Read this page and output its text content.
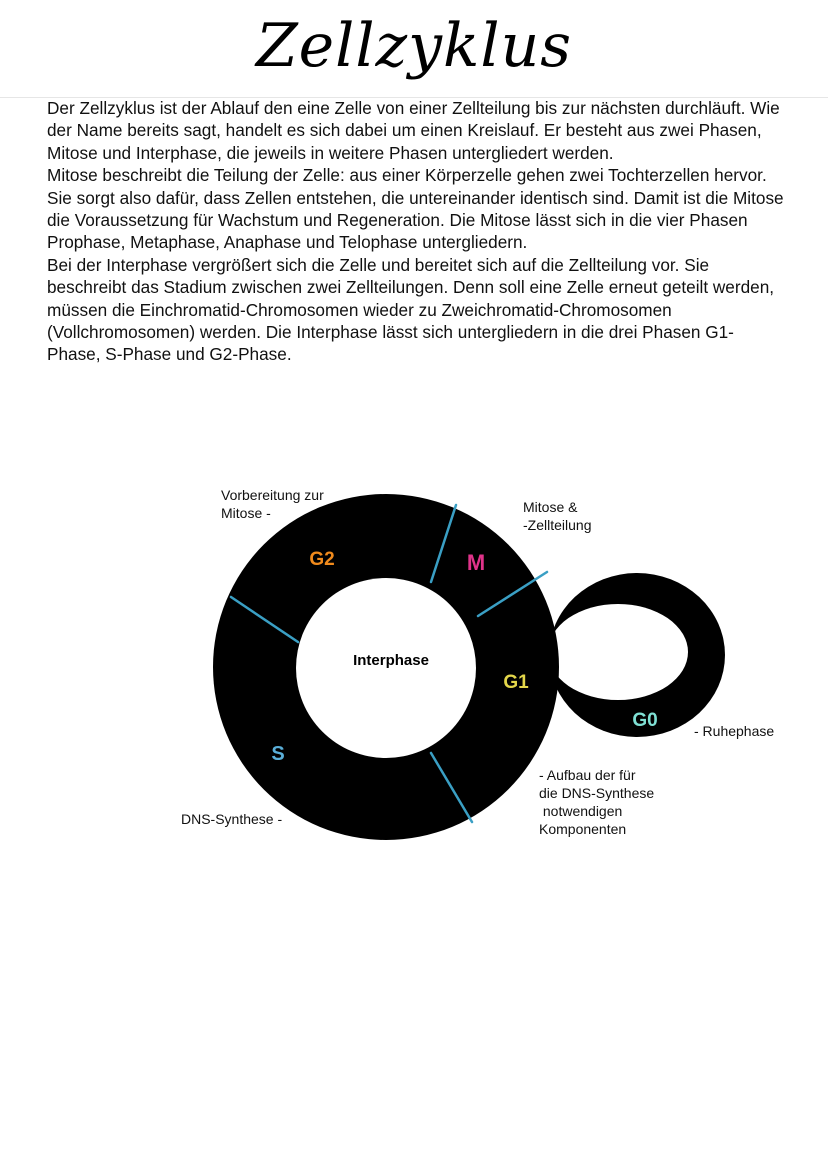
Zellzyklus

Der Zellzyklus ist der Ablauf den eine Zelle von einer Zellteilung bis zur nächsten durchläuft. Wie der Name bereits sagt, handelt es sich dabei um einen Kreislauf. Er besteht aus zwei Phasen, Mitose und Interphase, die jeweils in weitere Phasen untergliedert werden.

Mitose beschreibt die Teilung der Zelle: aus einer Körperzelle gehen zwei Tochterzellen hervor. Sie sorgt also dafür, dass Zellen entstehen, die untereinander identisch sind. Damit ist die Mitose die Voraussetzung für Wachstum und Regeneration. Die Mitose lässt sich in die vier Phasen Prophase, Metaphase, Anaphase und Telophase untergliedern.

Bei der Interphase vergrößert sich die Zelle und bereitet sich auf die Zellteilung vor. Sie beschreibt das Stadium zwischen zwei Zellteilungen. Denn soll eine Zelle erneut geteilt werden, müssen die Einchromatid-Chromosomen wieder zu Zweichromatid-Chromosomen (Vollchromosomen) werden. Die Interphase lässt sich untergliedern in die drei Phasen G1-Phase, S-Phase und G2-Phase.

Interphase
G2	M
G1
S
G0
Vorbereitung zur
Mitose -	Mitose &
-Zellteilung
- Ruhephase
- Aufbau der für
die DNS-Synthese
notwendigen
Komponenten
DNS-Synthese -
